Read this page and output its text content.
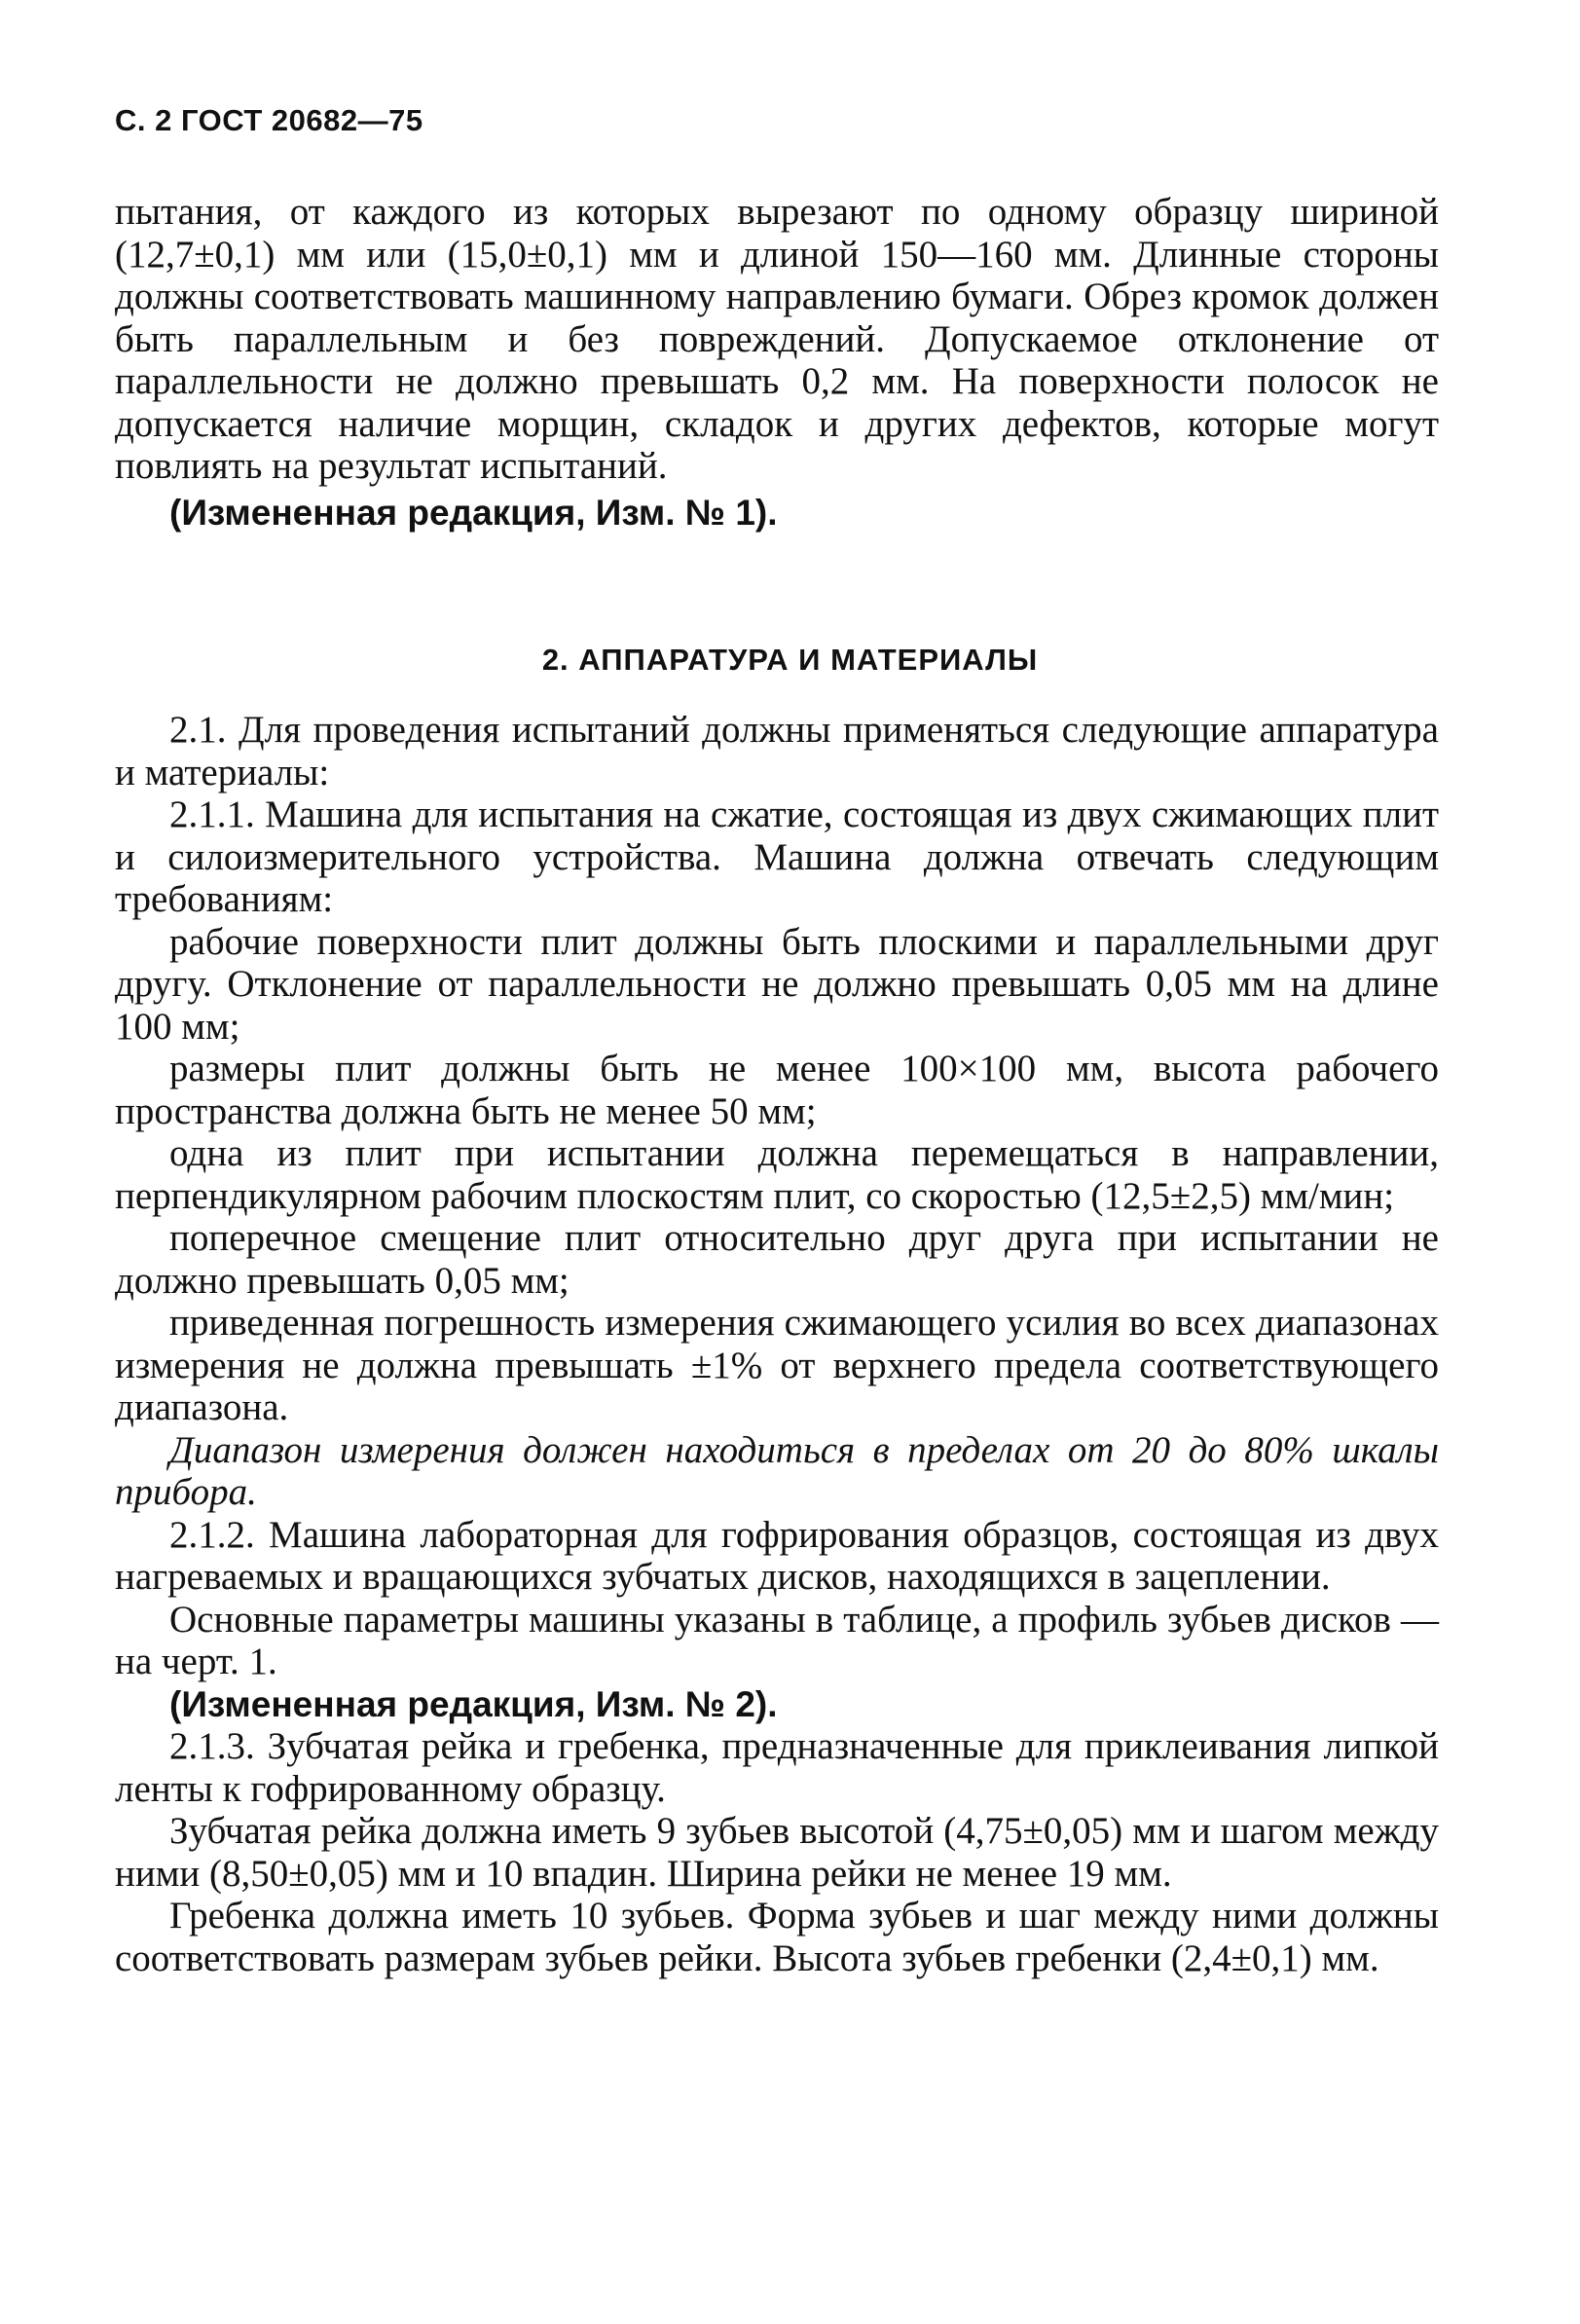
С. 2 ГОСТ 20682—75

пытания, от каждого из которых вырезают по одному образцу шириной (12,7±0,1) мм или (15,0±0,1) мм и длиной 150—160 мм. Длинные стороны должны соответствовать машинному направлению бумаги. Обрез кромок должен быть параллельным и без повреждений. Допускаемое отклонение от параллельности не должно превышать 0,2 мм. На поверхности полосок не допускается наличие морщин, складок и других дефектов, которые могут повлиять на результат испытаний.

(Измененная редакция, Изм. № 1).

2. АППАРАТУРА И МАТЕРИАЛЫ

2.1. Для проведения испытаний должны применяться следующие аппаратура и материалы:

2.1.1. Машина для испытания на сжатие, состоящая из двух сжимающих плит и силоизмерительного устройства. Машина должна отвечать следующим требованиям:

рабочие поверхности плит должны быть плоскими и параллельными друг другу. Отклонение от параллельности не должно превышать 0,05 мм на длине 100 мм;

размеры плит должны быть не менее 100×100 мм, высота рабочего пространства должна быть не менее 50 мм;

одна из плит при испытании должна перемещаться в направлении, перпендикулярном рабочим плоскостям плит, со скоростью (12,5±2,5) мм/мин;

поперечное смещение плит относительно друг друга при испытании не должно превышать 0,05 мм;

приведенная погрешность измерения сжимающего усилия во всех диапазонах измерения не должна превышать ±1% от верхнего предела соответствующего диапазона.

Диапазон измерения должен находиться в пределах от 20 до 80% шкалы прибора.

2.1.2. Машина лабораторная для гофрирования образцов, состоящая из двух нагреваемых и вращающихся зубчатых дисков, находящихся в зацеплении.

Основные параметры машины указаны в таблице, а профиль зубьев дисков — на черт. 1.

(Измененная редакция, Изм. № 2).

2.1.3. Зубчатая рейка и гребенка, предназначенные для приклеивания липкой ленты к гофрированному образцу.

Зубчатая рейка должна иметь 9 зубьев высотой (4,75±0,05) мм и шагом между ними (8,50±0,05) мм и 10 впадин. Ширина рейки не менее 19 мм.

Гребенка должна иметь 10 зубьев. Форма зубьев и шаг между ними должны соответствовать размерам зубьев рейки. Высота зубьев гребенки (2,4±0,1) мм.
